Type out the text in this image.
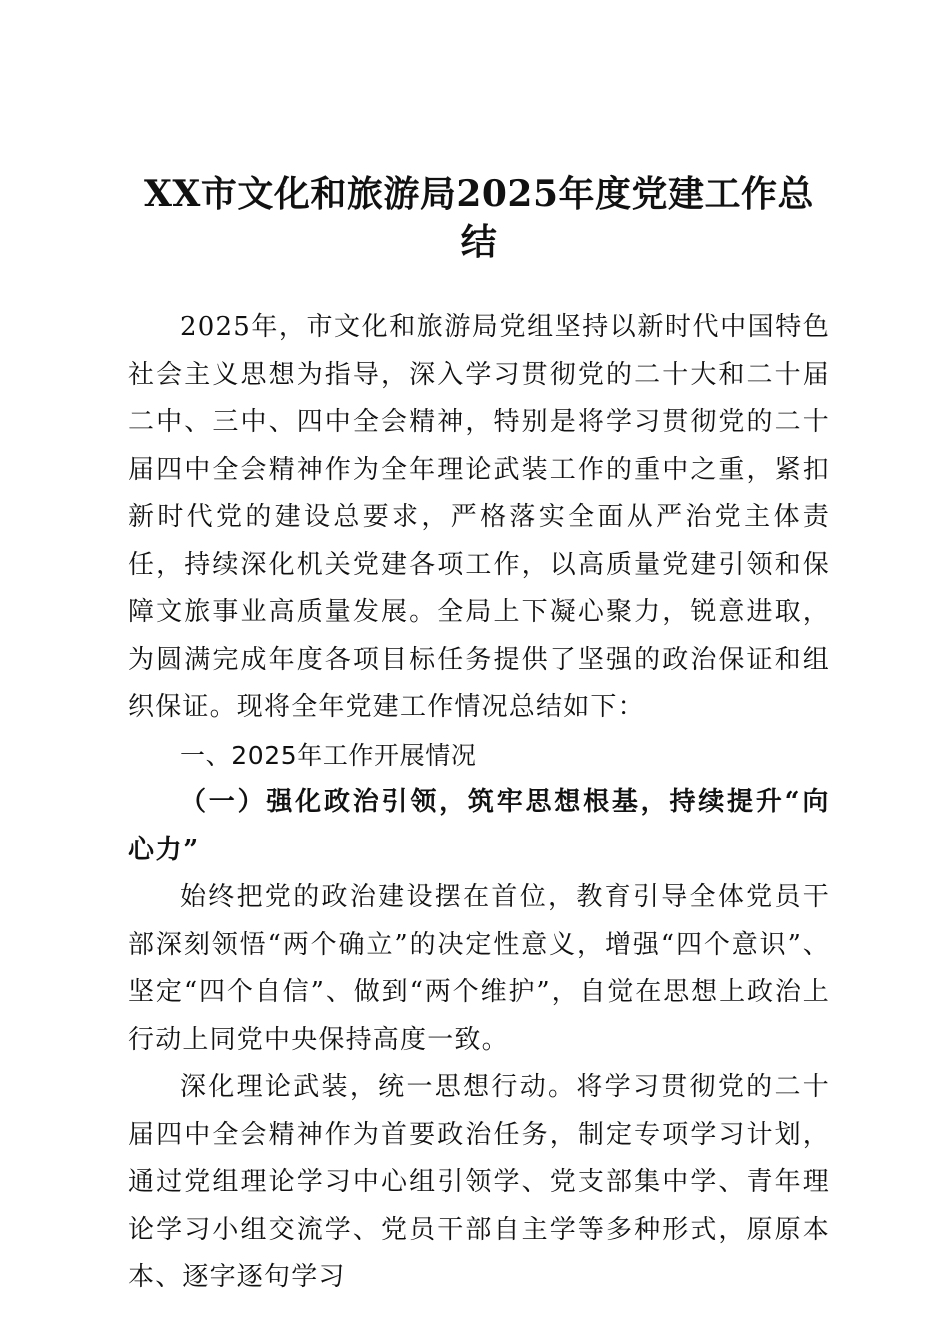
XX市文化和旅游局2025年度党建工作总结

2025年，市文化和旅游局党组坚持以新时代中国特色社会主义思想为指导，深入学习贯彻党的二十大和二十届二中、三中、四中全会精神，特别是将学习贯彻党的二十届四中全会精神作为全年理论武装工作的重中之重，紧扣新时代党的建设总要求，严格落实全面从严治党主体责任，持续深化机关党建各项工作，以高质量党建引领和保障文旅事业高质量发展。全局上下凝心聚力，锐意进取，为圆满完成年度各项目标任务提供了坚强的政治保证和组织保证。现将全年党建工作情况总结如下：

一、2025年工作开展情况

（一）强化政治引领，筑牢思想根基，持续提升“向心力”

始终把党的政治建设摆在首位，教育引导全体党员干部深刻领悟“两个确立”的决定性意义，增强“四个意识”、坚定“四个自信”、做到“两个维护”，自觉在思想上政治上行动上同党中央保持高度一致。

深化理论武装，统一思想行动。将学习贯彻党的二十届四中全会精神作为首要政治任务，制定专项学习计划，通过党组理论学习中心组引领学、党支部集中学、青年理论学习小组交流学、党员干部自主学等多种形式，原原本本、逐字逐句学习
